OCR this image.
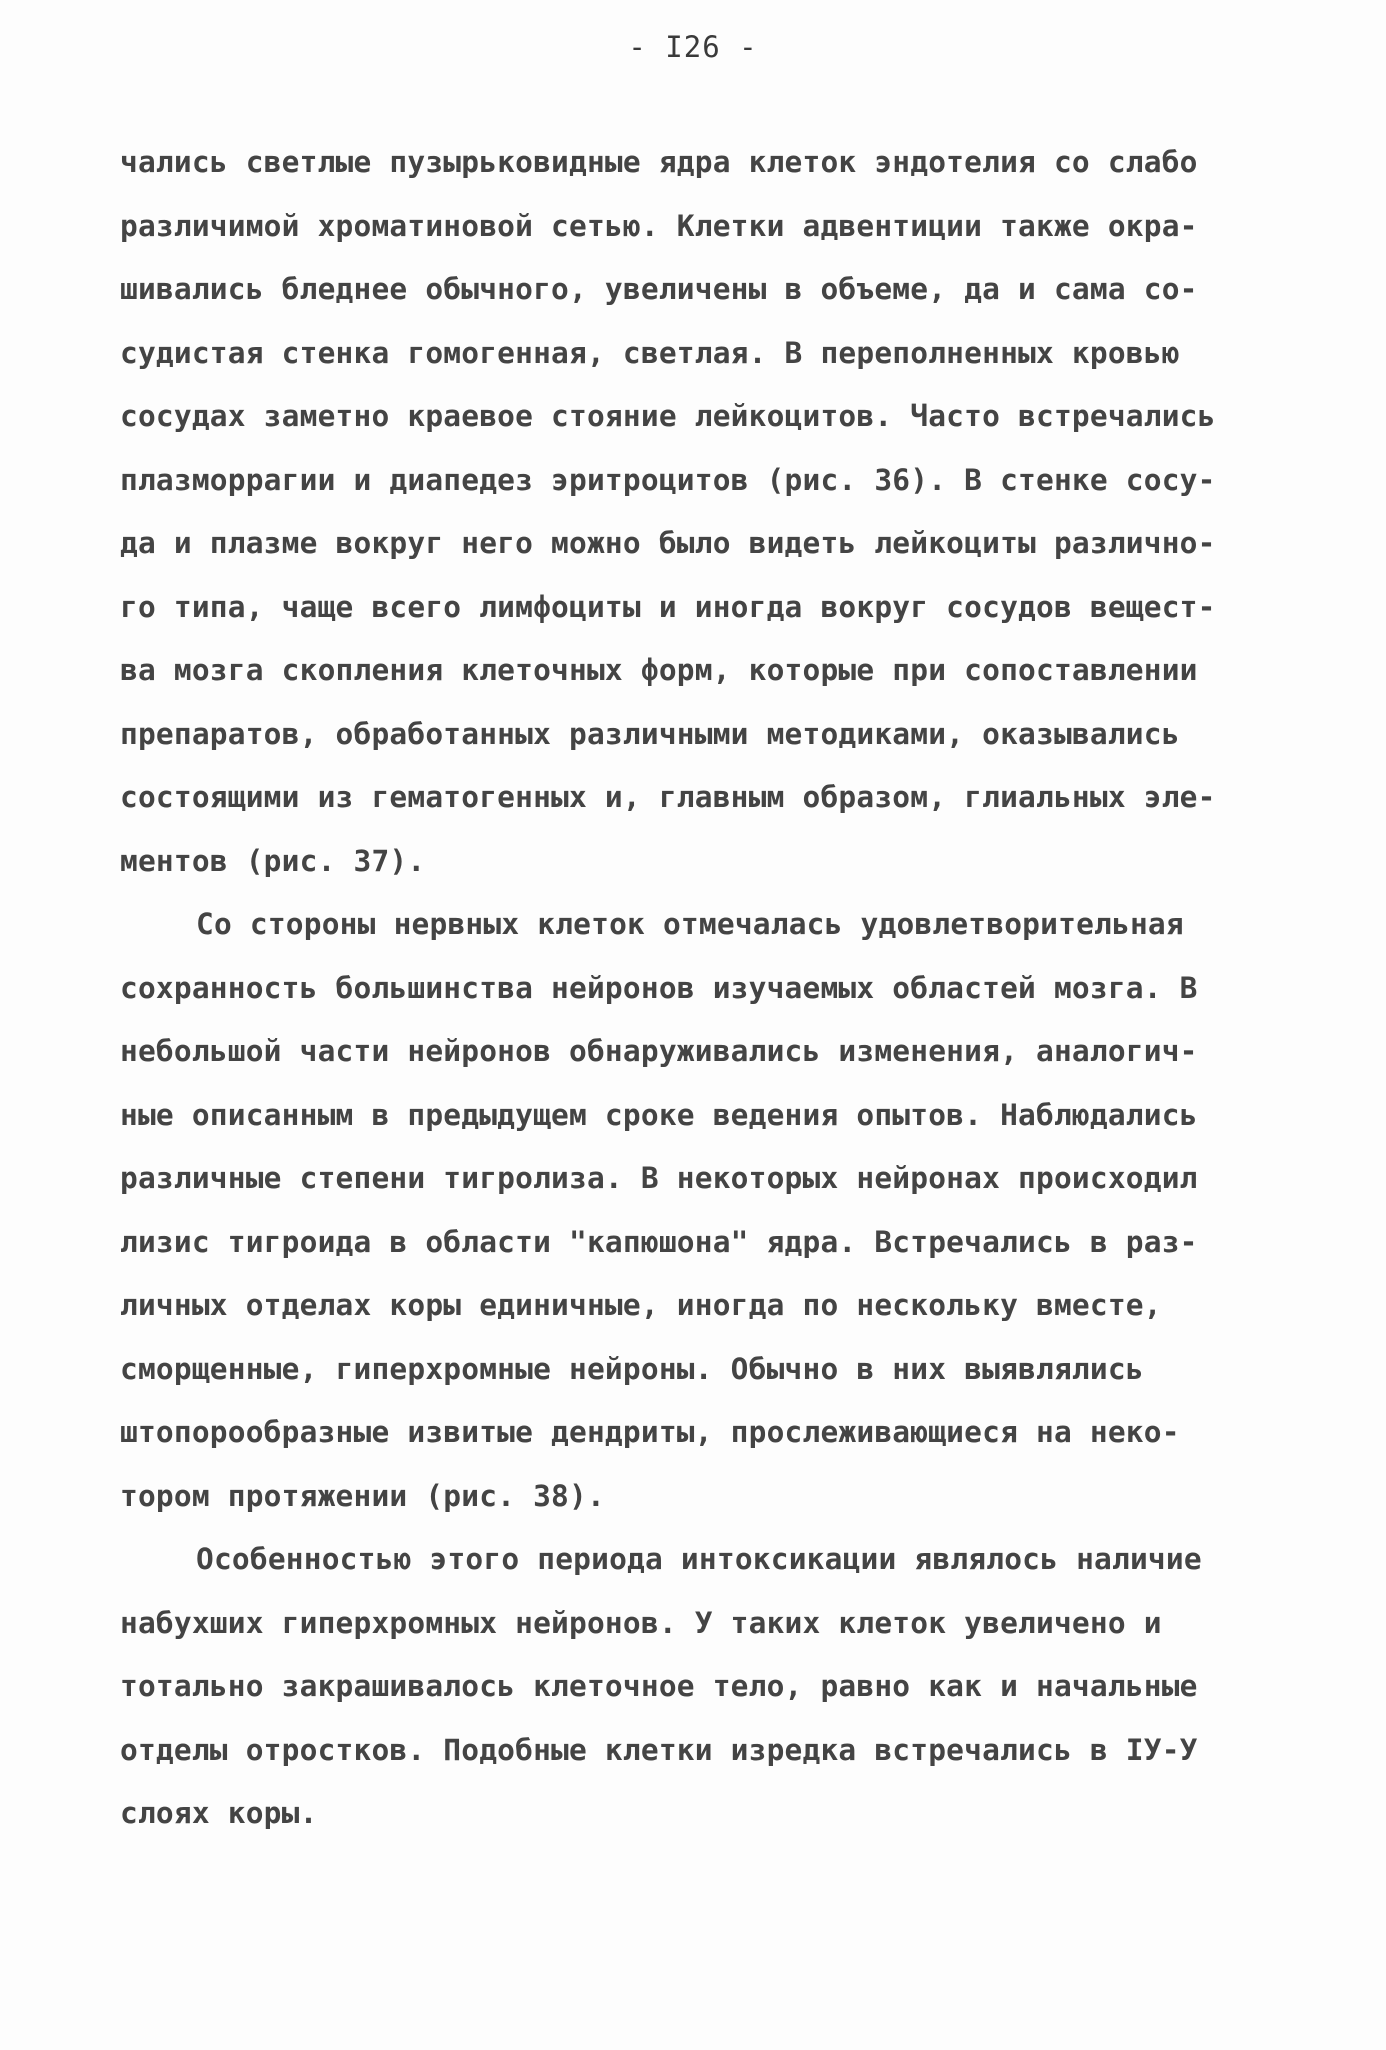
- I26 -
чались светлые пузырьковидные ядра клеток эндотелия со слабо
различимой хроматиновой сетью. Клетки адвентиции также окра-
шивались бледнее обычного, увеличены в объеме, да и сама со-
судистая стенка гомогенная, светлая. В переполненных кровью
сосудах заметно краевое стояние лейкоцитов. Часто встречались
плазморрагии и диапедез эритроцитов (рис. 36). В стенке сосу-
да и плазме вокруг него можно было видеть лейкоциты различно-
го типа, чаще всего лимфоциты и иногда вокруг сосудов вещест-
ва мозга скопления клеточных форм, которые при сопоставлении
препаратов, обработанных различными методиками, оказывались
состоящими из гематогенных и, главным образом, глиальных эле-
ментов (рис. 37).
Со стороны нервных клеток отмечалась удовлетворительная
сохранность большинства нейронов изучаемых областей мозга. В
небольшой части нейронов обнаруживались изменения, аналогич-
ные описанным в предыдущем сроке ведения опытов. Наблюдались
различные степени тигролиза. В некоторых нейронах происходил
лизис тигроида в области "капюшона" ядра. Встречались в раз-
личных отделах коры единичные, иногда по нескольку вместе,
сморщенные, гиперхромные нейроны. Обычно в них выявлялись
штопорообразные извитые дендриты, прослеживающиеся на неко-
тором протяжении (рис. 38).
Особенностью этого периода интоксикации являлось наличие
набухших гиперхромных нейронов. У таких клеток увеличено и
тотально закрашивалось клеточное тело, равно как и начальные
отделы отростков. Подобные клетки изредка встречались в IУ-У
слоях коры.
